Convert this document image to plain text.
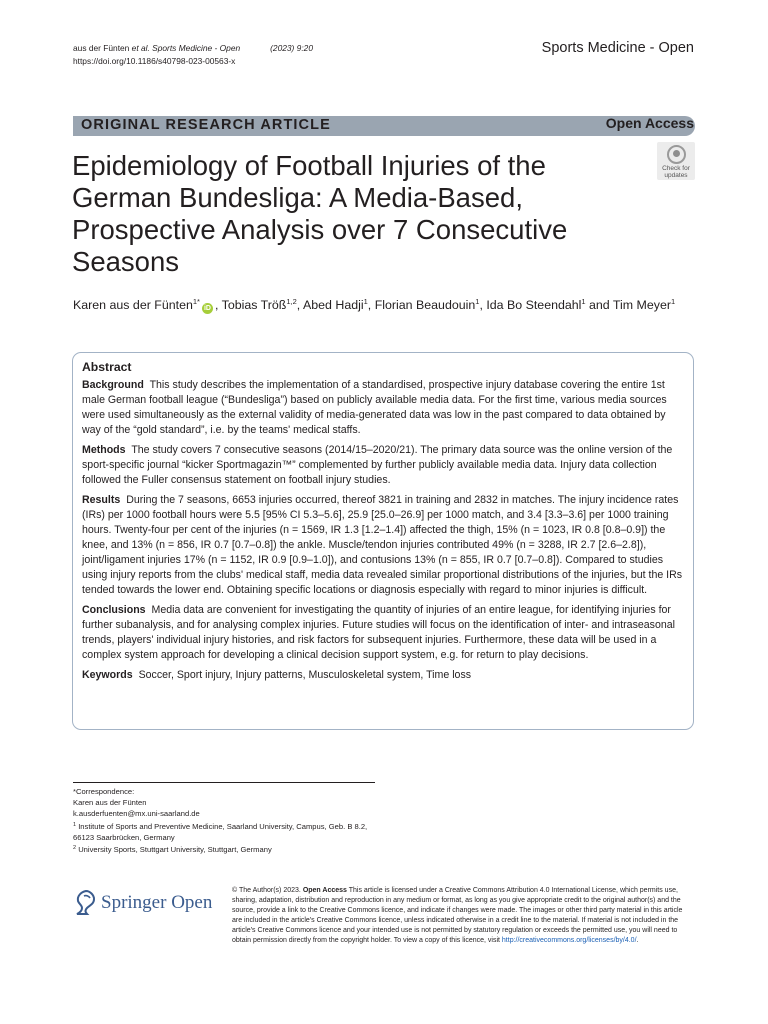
aus der Fünten et al. Sports Medicine - Open	(2023) 9:20
https://doi.org/10.1186/s40798-023-00563-x
Sports Medicine - Open
ORIGINAL RESEARCH ARTICLE	Open Access
Check for
updates
Epidemiology of Football Injuries of the German Bundesliga: A Media-Based, Prospective Analysis over 7 Consecutive Seasons
Karen aus der Fünten$^{1*}$iD , Tobias Tröß$^{1,2}$, Abed Hadji$^1$, Florian Beaudouin$^1$, Ida Bo Steendahl$^1$ and Tim Meyer$^1$
Abstract

Background This study describes the implementation of a standardised, prospective injury database covering the entire 1st male German football league (“Bundesliga”) based on publicly available media data. For the first time, various media sources were used simultaneously as the external validity of media-generated data was low in the past compared to data obtained by way of the “gold standard”, i.e. by the teams' medical staffs.

Methods The study covers 7 consecutive seasons (2014/15–2020/21). The primary data source was the online version of the sport-specific journal “kicker Sportmagazin™” complemented by further publicly available media data. Injury data collection followed the Fuller consensus statement on football injury studies.

Results During the 7 seasons, 6653 injuries occurred, thereof 3821 in training and 2832 in matches. The injury incidence rates (IRs) per 1000 football hours were 5.5 [95% CI 5.3–5.6], 25.9 [25.0–26.9] per 1000 match, and 3.4 [3.3–3.6] per 1000 training hours. Twenty-four per cent of the injuries (n = 1569, IR 1.3 [1.2–1.4]) affected the thigh, 15% (n = 1023, IR 0.8 [0.8–0.9]) the knee, and 13% (n = 856, IR 0.7 [0.7–0.8]) the ankle. Muscle/tendon injuries contributed 49% (n = 3288, IR 2.7 [2.6–2.8]), joint/ligament injuries 17% (n = 1152, IR 0.9 [0.9–1.0]), and contusions 13% (n = 855, IR 0.7 [0.7–0.8]). Compared to studies using injury reports from the clubs' medical staff, media data revealed similar proportional distributions of the injuries, but the IRs tended towards the lower end. Obtaining specific locations or diagnosis especially with regard to minor injuries is difficult.

Conclusions Media data are convenient for investigating the quantity of injuries of an entire league, for identifying injuries for further subanalysis, and for analysing complex injuries. Future studies will focus on the identification of inter- and intraseasonal trends, players' individual injury histories, and risk factors for subsequent injuries. Furthermore, these data will be used in a complex system approach for developing a clinical decision support system, e.g. for return to play decisions.

Keywords Soccer, Sport injury, Injury patterns, Musculoskeletal system, Time loss

*Correspondence:
Karen aus der Fünten
k.ausderfuenten@mx.uni-saarland.de
$^1$ Institute of Sports and Preventive Medicine, Saarland University, Campus, Geb. B 8.2, 66123 Saarbrücken, Germany
$^2$ University Sports, Stuttgart University, Stuttgart, Germany
Springer Open
© The Author(s) 2023. Open Access This article is licensed under a Creative Commons Attribution 4.0 International License, which permits use, sharing, adaptation, distribution and reproduction in any medium or format, as long as you give appropriate credit to the original author(s) and the source, provide a link to the Creative Commons licence, and indicate if changes were made. The images or other third party material in this article are included in the article's Creative Commons licence, unless indicated otherwise in a credit line to the material. If material is not included in the article's Creative Commons licence and your intended use is not permitted by statutory regulation or exceeds the permitted use, you will need to obtain permission directly from the copyright holder. To view a copy of this licence, visit http://creativecommons.org/licenses/by/4.0/.
